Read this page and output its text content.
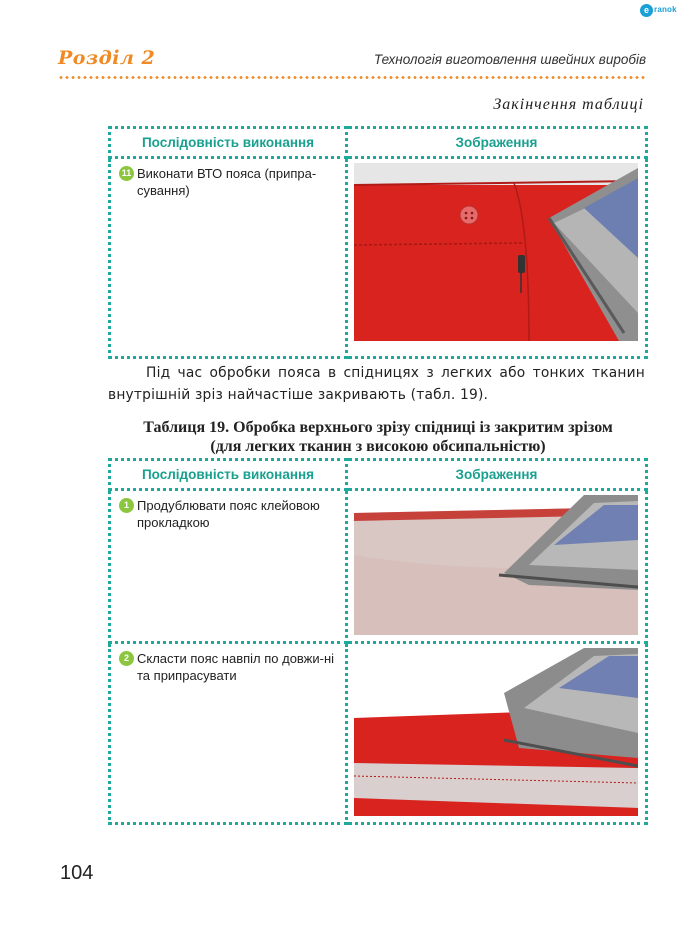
e ranok
Розділ 2	Технологія виготовлення швейних виробів
Закінчення таблиці
Послідовність виконання	Зображення

11 Виконати ВТО пояса (припра-сування)

Під час обробки пояса в спідницях з легких або тонких тканин внутрішній зріз найчастіше закривають (табл. 19).
Таблиця 19. Обробка верхнього зрізу спідниці із закритим зрізом
(для легких тканин з високою обсипальністю)
Послідовність виконання	Зображення

1 Продублювати пояс клейовою прокладкою

2 Скласти пояс навпіл по довжи-ні та припрасувати

104
